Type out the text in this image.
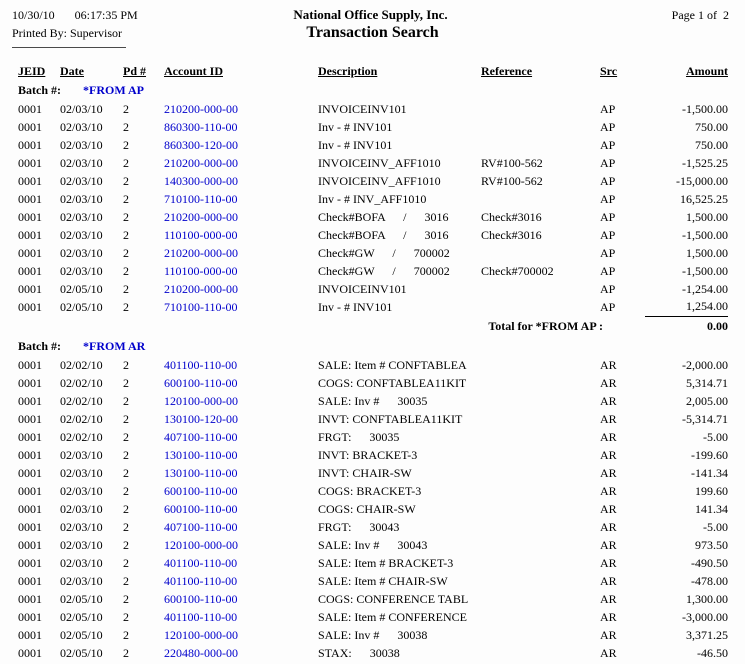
10/30/10 06:17:35 PM	National Office Supply, Inc.	Page 1 of  2
Printed By: Supervisor	Transaction Search
JEID	Date	Pd #	Account ID	Description	Reference	Src	Amount
Batch #: *FROM AP							
0001	02/03/10	2	210200-000-00	INVOICEINV101		AP	-1,500.00
0001	02/03/10	2	860300-110-00	Inv - # INV101		AP	750.00
0001	02/03/10	2	860300-120-00	Inv - # INV101		AP	750.00
0001	02/03/10	2	210200-000-00	INVOICEINV_AFF1010	RV#100-562	AP	-1,525.25
0001	02/03/10	2	140300-000-00	INVOICEINV_AFF1010	RV#100-562	AP	-15,000.00
0001	02/03/10	2	710100-110-00	Inv - # INV_AFF1010		AP	16,525.25
0001	02/03/10	2	210200-000-00	Check#BOFA      /      3016	Check#3016	AP	1,500.00
0001	02/03/10	2	110100-000-00	Check#BOFA      /      3016	Check#3016	AP	-1,500.00
0001	02/03/10	2	210200-000-00	Check#GW      /      700002		AP	1,500.00
0001	02/03/10	2	110100-000-00	Check#GW      /      700002	Check#700002	AP	-1,500.00
0001	02/05/10	2	210200-000-00	INVOICEINV101		AP	-1,254.00
0001	02/05/10	2	710100-110-00	Inv - # INV101		AP	1,254.00
Total for *FROM AP :							0.00
Batch #: *FROM AR							
0001	02/02/10	2	401100-110-00	SALE: Item # CONFTABLEA		AR	-2,000.00
0001	02/02/10	2	600100-110-00	COGS: CONFTABLEA11KIT		AR	5,314.71
0001	02/02/10	2	120100-000-00	SALE: Inv #      30035		AR	2,005.00
0001	02/02/10	2	130100-120-00	INVT: CONFTABLEA11KIT		AR	-5,314.71
0001	02/02/10	2	407100-110-00	FRGT:      30035		AR	-5.00
0001	02/03/10	2	130100-110-00	INVT: BRACKET-3		AR	-199.60
0001	02/03/10	2	130100-110-00	INVT: CHAIR-SW		AR	-141.34
0001	02/03/10	2	600100-110-00	COGS: BRACKET-3		AR	199.60
0001	02/03/10	2	600100-110-00	COGS: CHAIR-SW		AR	141.34
0001	02/03/10	2	407100-110-00	FRGT:      30043		AR	-5.00
0001	02/03/10	2	120100-000-00	SALE: Inv #      30043		AR	973.50
0001	02/03/10	2	401100-110-00	SALE: Item # BRACKET-3		AR	-490.50
0001	02/03/10	2	401100-110-00	SALE: Item # CHAIR-SW		AR	-478.00
0001	02/05/10	2	600100-110-00	COGS: CONFERENCE TABL		AR	1,300.00
0001	02/05/10	2	401100-110-00	SALE: Item # CONFERENCE		AR	-3,000.00
0001	02/05/10	2	120100-000-00	SALE: Inv #      30038		AR	3,371.25
0001	02/05/10	2	220480-000-00	STAX:      30038		AR	-46.50
